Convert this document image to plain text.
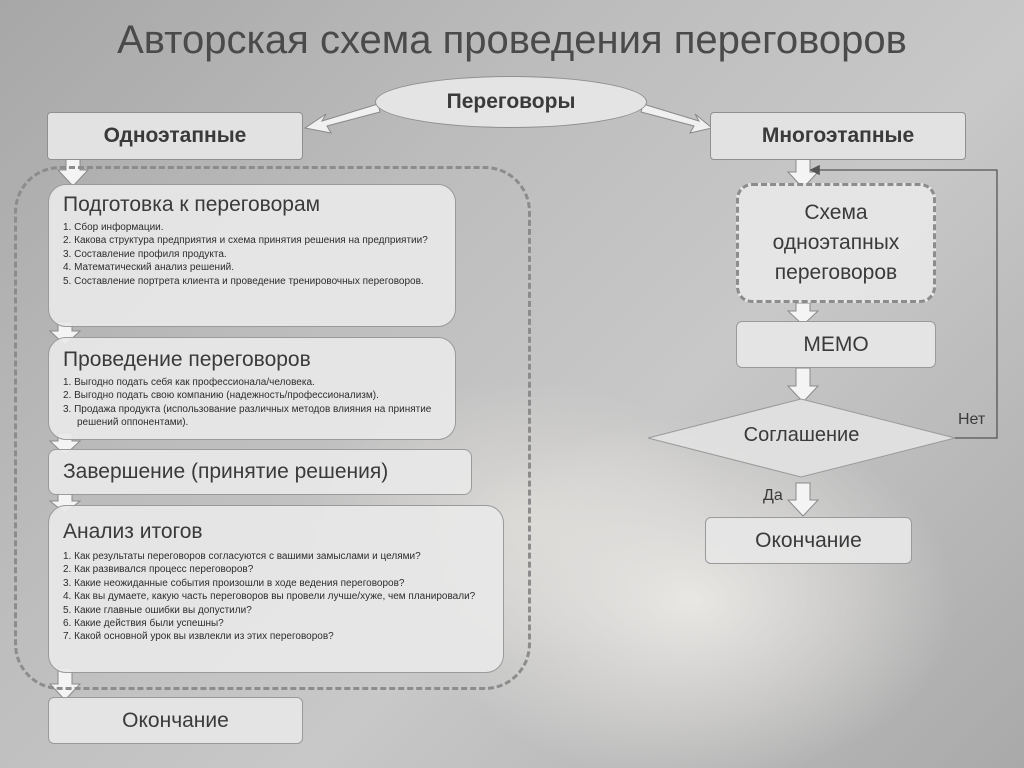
Авторская схема проведения переговоров
Переговоры
Одноэтапные	Многоэтапные
Подготовка к переговорам
1. Сбор информации.
2. Какова структура предприятия и схема принятия решения на предприятии?
3. Составление профиля продукта.
4. Математический анализ решений.
5. Составление портрета клиента и проведение тренировочных переговоров.
Проведение переговоров
1. Выгодно подать себя как профессионала/человека.
2. Выгодно подать свою компанию (надежность/профессионализм).
3. Продажа продукта (использование различных методов влияния на принятие решений оппонентами).
Завершение (принятие решения)
Анализ итогов
1. Как результаты переговоров согласуются с вашими замыслами и целями?
2. Как развивался процесс переговоров?
3. Какие неожиданные события произошли в ходе ведения переговоров?
4. Как вы думаете, какую часть переговоров вы провели лучше/хуже, чем планировали?
5. Какие главные ошибки вы допустили?
6. Какие действия были успешны?
7. Какой основной урок вы извлекли из этих переговоров?
Окончание
Схема одноэтапных переговоров
МЕМО
Соглашение
Нет
Да
Окончание
